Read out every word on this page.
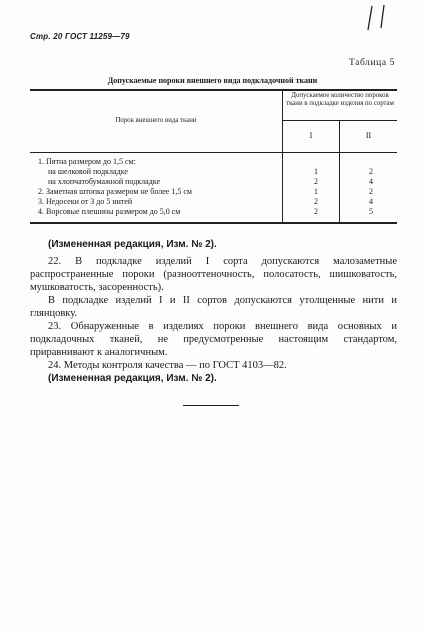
Стр. 20 ГОСТ 11259—79
Таблица 5
Допускаемые пороки внешнего вида подкладочной ткани
Порок внешнего вида ткани
Допускаемое количество пороков ткани в подкладке изделия по сортам
I	II
1. Пятна размером до 1,5 см:
на шелковой подкладке	1	2
на хлопчатобумажной подкладке	2	4
2. Заметная штопка размером не более 1,5 см	1	2
3. Недосеки от 3 до 5 нитей	2	4
4. Ворсовые плешины размером до 5,0 см	2	5

(Измененная редакция, Изм. № 2).

22. В подкладке изделий I сорта допускаются малозаметные распространенные пороки (разнооттеночность, полосатость, шишковатость, мушковатость, засоренность).

В подкладке изделий I и II сортов допускаются утолщенные нити и глянцовку.

23. Обнаруженные в изделиях пороки внешнего вида основных и подкладочных тканей, не предусмотренные настоящим стандартом, приравнивают к аналогичным.

24. Методы контроля качества — по ГОСТ 4103—82.

(Измененная редакция, Изм. № 2).
